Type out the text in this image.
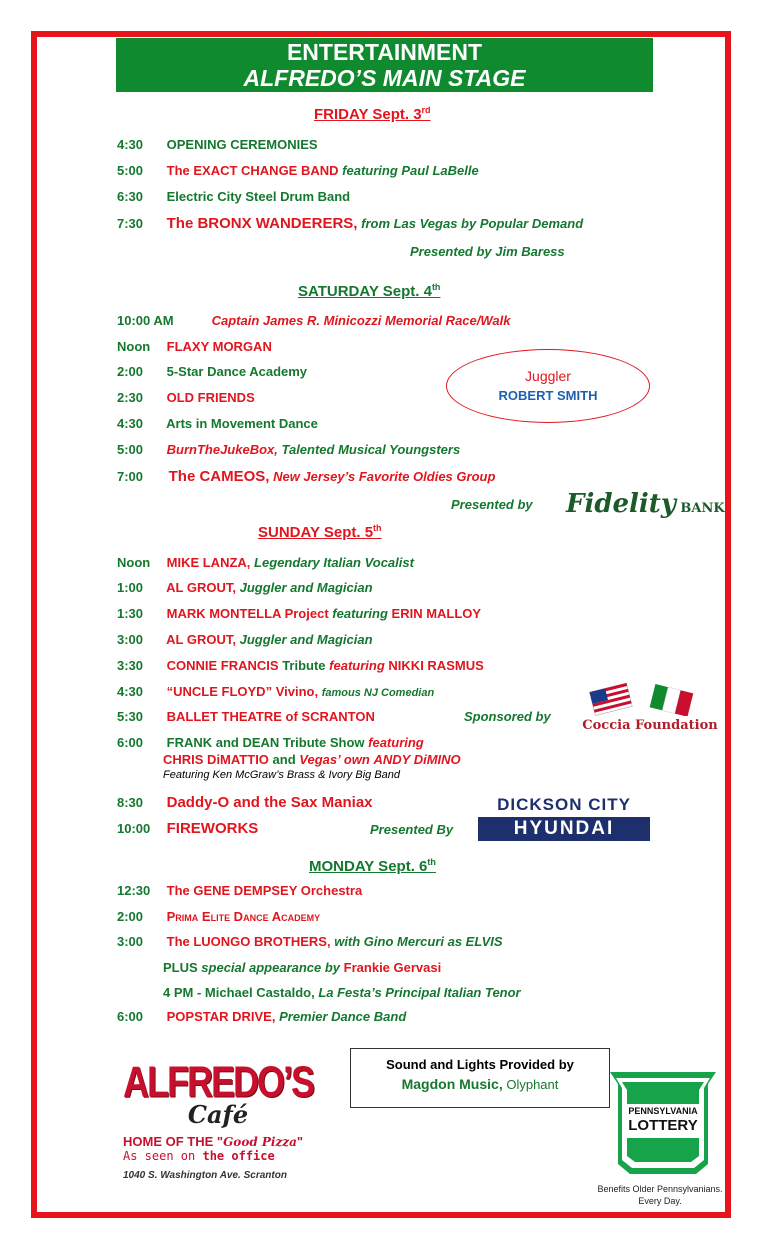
ENTERTAINMENT
ALFREDO’S MAIN STAGE
FRIDAY Sept. 3rd
4:30 OPENING CEREMONIES
5:00 The EXACT CHANGE BAND featuring Paul LaBelle
6:30 Electric City Steel Drum Band
7:30 The BRONX WANDERERS, from Las Vegas by Popular Demand
Presented by Jim Baress
SATURDAY Sept. 4th
10:00 AM	Captain James R. Minicozzi Memorial Race/Walk
Noon FLAXY MORGAN
2:00 5-Star Dance Academy
2:30 OLD FRIENDS
4:30 Arts in Movement Dance
5:00 BurnTheJukeBox, Talented Musical Youngsters
7:00 The CAMEOS, New Jersey’s Favorite Oldies Group
Juggler
ROBERT SMITH
Presented by Fidelity BANK
SUNDAY Sept. 5th
Noon MIKE LANZA, Legendary Italian Vocalist
1:00 AL GROUT, Juggler and Magician
1:30 MARK MONTELLA Project featuring ERIN MALLOY
3:00 AL GROUT, Juggler and Magician
3:30 CONNIE FRANCIS Tribute featuring NIKKI RASMUS
4:30 “UNCLE FLOYD” Vivino, famous NJ Comedian
5:30 BALLET THEATRE of SCRANTON	Sponsored by
Coccia Foundation
6:00 FRANK and DEAN Tribute Show featuring
CHRIS DiMATTIO and Vegas’ own ANDY DiMINO
Featuring Ken McGraw’s Brass & Ivory Big Band
8:30 Daddy-O and the Sax Maniax
10:00 FIREWORKS	Presented By
DICKSON CITY
HYUNDAI
MONDAY Sept. 6th
12:30 The GENE DEMPSEY Orchestra
2:00 Prima Elite Dance Academy
3:00 The LUONGO BROTHERS, with Gino Mercuri as ELVIS
PLUS special appearance by Frankie Gervasi
4 PM - Michael Castaldo, La Festa’s Principal Italian Tenor
6:00 POPSTAR DRIVE, Premier Dance Band
Sound and Lights Provided by
Magdon Music, Olyphant
ALFREDO’S
Café
HOME OF THE "Good Pizza"
As seen on the office
1040 S. Washington Ave. Scranton
PENNSYLVANIA
LOTTERY
Benefits Older Pennsylvanians.
Every Day.
